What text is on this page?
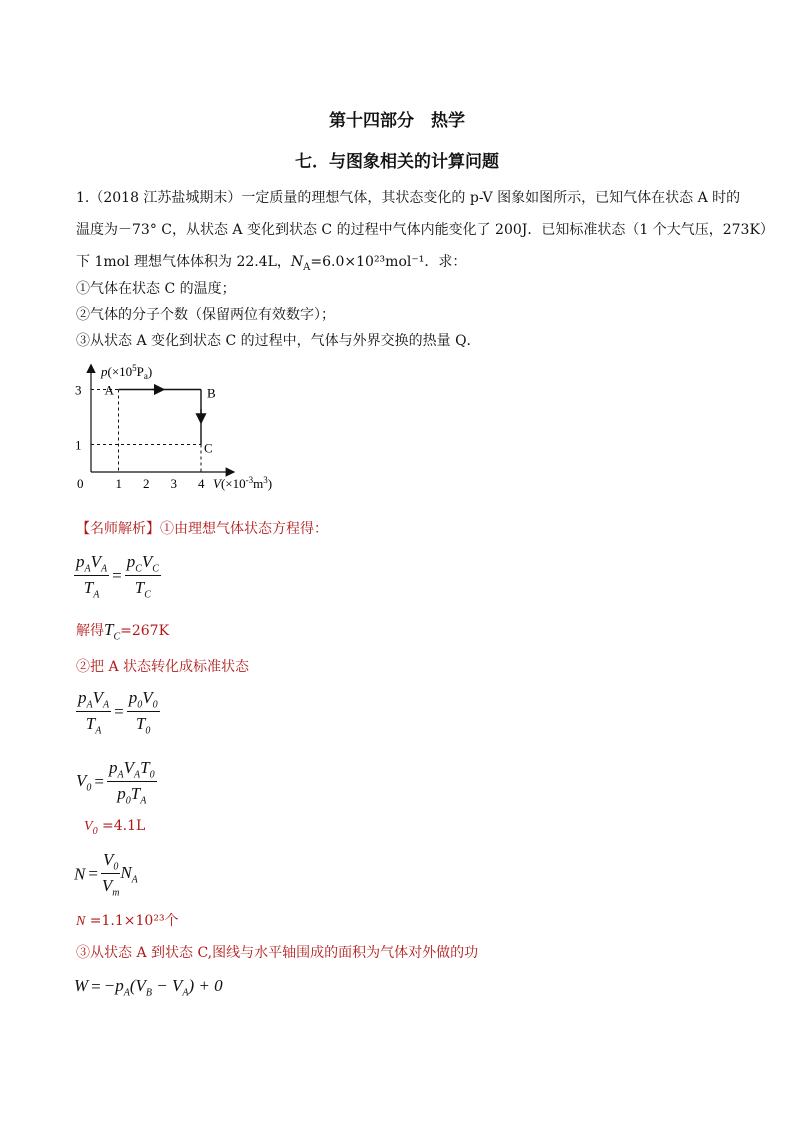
第十四部分　热学
七．与图象相关的计算问题
1.（2018 江苏盐城期末）一定质量的理想气体，其状态变化的 p-V 图象如图所示，已知气体在状态 A 时的
温度为－73° C，从状态 A 变化到状态 C 的过程中气体内能变化了 200J．已知标准状态（1 个大气压，273K）
下 1mol 理想气体体积为 22.4L，$N_A=6.0\times 10^{23}mol^{-1}$．求：
①气体在状态 C 的温度；
②气体的分子个数（保留两位有效数字）；
③从状态 A 变化到状态 C 的过程中，气体与外界交换的热量 Q．
0 1 2 3 4
1
3 A	B
C
$p(\times 10^5P_a)$
$V(\times 10^{-3}m^3)$
【名师解析】①由理想气体状态方程得：
$\frac{p_AV_A}{T_A} = \frac{p_CV_C}{T_C}$
解得$T_C=267K$
②把 A 状态转化成标准状态
$\frac{p_AV_A}{T_A} = \frac{p_0V_0}{T_0}$
$V_0 = \frac{p_AV_AT_0}{p_0T_A}$
$V_0 =4.1L$
$N = \frac{V_0}{V_m} N_A$
N =1.1×10²³个
③从状态 A 到状态 C,图线与水平轴围成的面积为气体对外做的功
$W = -p_A(V_B - V_A) + 0$
